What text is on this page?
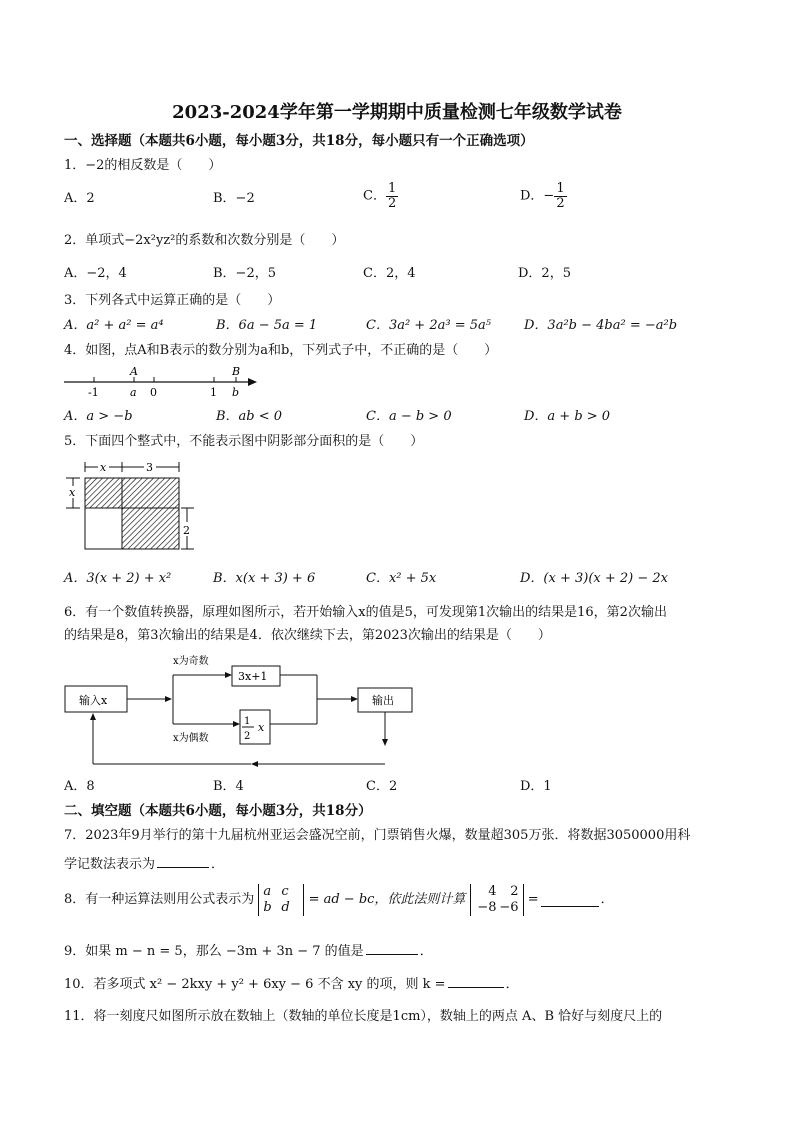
2023-2024学年第一学期期中质量检测七年级数学试卷
一、选择题（本题共6小题，每小题3分，共18分，每小题只有一个正确选项）
1．−2的相反数是（　　）
A．2	B．−2	C． $\frac{1}{2}$	D．− $\frac{1}{2}$
2．单项式−2x²yz²的系数和次数分别是（　　）
A．−2，4	B．−2，5	C．2，4	D．2，5
3．下列各式中运算正确的是（　　）
A．a² + a² = a⁴	B．6a − 5a = 1	C．3a² + 2a³ = 5a⁵	D．3a²b − 4ba² = −a²b
4．如图，点A和B表示的数分别为a和b，下列式子中，不正确的是（　　）
-1
A
a 0	1
B
b
A．a > −b	B．ab < 0	C．a − b > 0	D．a + b > 0
5．下面四个整式中，不能表示图中阴影部分面积的是（　　）
x	3
x
2
A．3(x + 2) + x²	B．x(x + 3) + 6	C．x² + 5x	D．(x + 3)(x + 2) − 2x
6．有一个数值转换器，原理如图所示，若开始输入x的值是5，可发现第1次输出的结果是16，第2次输出
的结果是8，第3次输出的结果是4．依次继续下去，第2023次输出的结果是（　　）
输入x
x为奇数
x为偶数
3x+1
1
2
x
输出
A．8	B．4	C．2	D．1
二、填空题（本题共6小题，每小题3分，共18分）
7．2023年9月举行的第十九届杭州亚运会盛况空前，门票销售火爆，数量超305万张．将数据3050000用科
学记数法表示为	．
8．有一种运算法则用公式表示为
a c
b d
= ad − bc，依此法则计算
4 2
−8 −6
=	．
9．如果 m − n = 5，那么 −3m + 3n − 7 的值是	．
10．若多项式 x² − 2kxy + y² + 6xy − 6 不含 xy 的项，则 k =	．
11．将一刻度尺如图所示放在数轴上（数轴的单位长度是1cm），数轴上的两点 A、B 恰好与刻度尺上的
